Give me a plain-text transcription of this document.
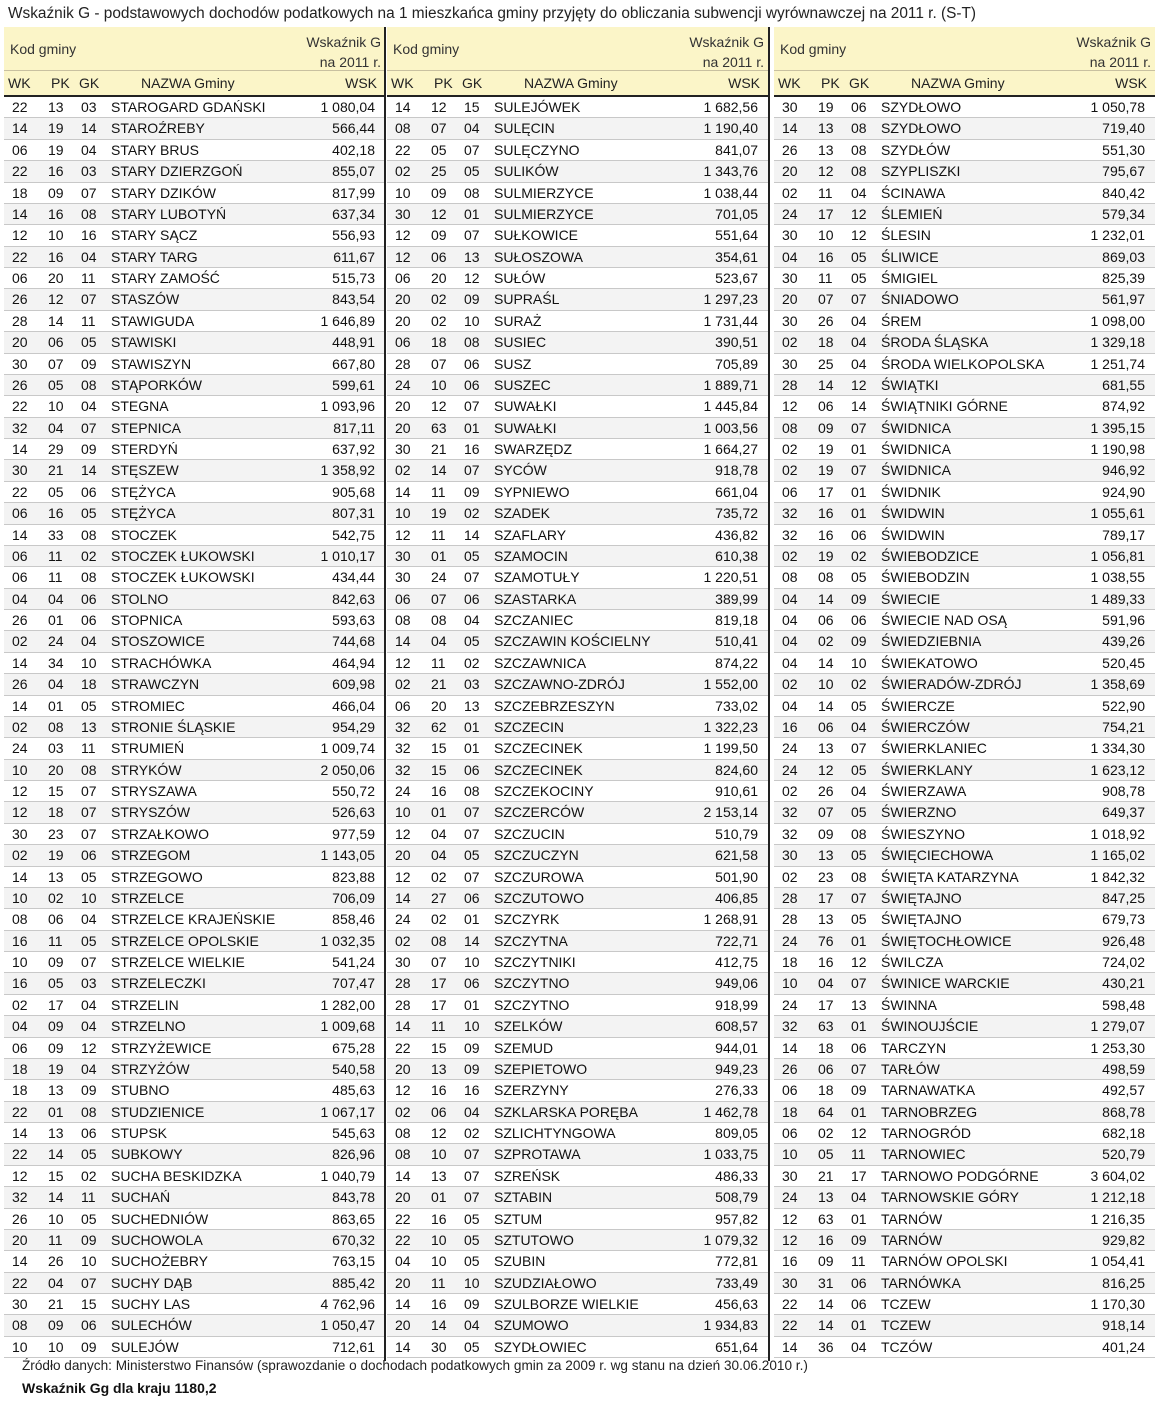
Wskaźnik G - podstawowych dochodów podatkowych na 1 mieszkańca gminy przyjęty do obliczania subwencji wyrównawczej na 2011 r. (S-T)
Kod gminy	Wskaźnik G
na 2011 r.
WK PK GK	NAZWA Gminy	WSK
22 13 03 STAROGARD GDAŃSKI	1 080,04
14 19 14 STAROŹREBY	566,44
06 19 04 STARY BRUS	402,18
22 16 03 STARY DZIERZGOŃ	855,07
18 09 07 STARY DZIKÓW	817,99
14 16 08 STARY LUBOTYŃ	637,34
12 10 16 STARY SĄCZ	556,93
22 16 04 STARY TARG	611,67
06 20 11 STARY ZAMOŚĆ	515,73
26 12 07 STASZÓW	843,54
28 14 11 STAWIGUDA	1 646,89
20 06 05 STAWISKI	448,91
30 07 09 STAWISZYN	667,80
26 05 08 STĄPORKÓW	599,61
22 10 04 STEGNA	1 093,96
32 04 07 STEPNICA	817,11
14 29 09 STERDYŃ	637,92
30 21 14 STĘSZEW	1 358,92
22 05 06 STĘŻYCA	905,68
06 16 05 STĘŻYCA	807,31
14 33 08 STOCZEK	542,75
06 11 02 STOCZEK ŁUKOWSKI	1 010,17
06 11 08 STOCZEK ŁUKOWSKI	434,44
04 04 06 STOLNO	842,63
26 01 06 STOPNICA	593,63
02 24 04 STOSZOWICE	744,68
14 34 10 STRACHÓWKA	464,94
26 04 18 STRAWCZYN	609,98
14 01 05 STROMIEC	466,04
02 08 13 STRONIE ŚLĄSKIE	954,29
24 03 11 STRUMIEŃ	1 009,74
10 20 08 STRYKÓW	2 050,06
12 15 07 STRYSZAWA	550,72
12 18 07 STRYSZÓW	526,63
30 23 07 STRZAŁKOWO	977,59
02 19 06 STRZEGOM	1 143,05
14 13 05 STRZEGOWO	823,88
10 02 10 STRZELCE	706,09
08 06 04 STRZELCE KRAJEŃSKIE	858,46
16 11 05 STRZELCE OPOLSKIE	1 032,35
10 09 07 STRZELCE WIELKIE	541,24
16 05 03 STRZELECZKI	707,47
02 17 04 STRZELIN	1 282,00
04 09 04 STRZELNO	1 009,68
06 09 12 STRZYŻEWICE	675,28
18 19 04 STRZYŻÓW	540,58
18 13 09 STUBNO	485,63
22 01 08 STUDZIENICE	1 067,17
14 13 06 STUPSK	545,63
22 14 05 SUBKOWY	826,96
12 15 02 SUCHA BESKIDZKA	1 040,79
32 14 11 SUCHAŃ	843,78
26 10 05 SUCHEDNIÓW	863,65
20 11 09 SUCHOWOLA	670,32
14 26 10 SUCHOŻEBRY	763,15
22 04 07 SUCHY DĄB	885,42
30 21 15 SUCHY LAS	4 762,96
08 09 06 SULECHÓW	1 050,47
10 10 09 SULEJÓW	712,61
Kod gminy	Wskaźnik G
na 2011 r.
WK PK GK	NAZWA Gminy	WSK
14 12 15 SULEJÓWEK	1 682,56
08 07 04 SULĘCIN	1 190,40
22 05 07 SULĘCZYNO	841,07
02 25 05 SULIKÓW	1 343,76
10 09 08 SULMIERZYCE	1 038,44
30 12 01 SULMIERZYCE	701,05
12 09 07 SUŁKOWICE	551,64
12 06 13 SUŁOSZOWA	354,61
06 20 12 SUŁÓW	523,67
20 02 09 SUPRAŚL	1 297,23
20 02 10 SURAŻ	1 731,44
06 18 08 SUSIEC	390,51
28 07 06 SUSZ	705,89
24 10 06 SUSZEC	1 889,71
20 12 07 SUWAŁKI	1 445,84
20 63 01 SUWAŁKI	1 003,56
30 21 16 SWARZĘDZ	1 664,27
02 14 07 SYCÓW	918,78
14 11 09 SYPNIEWO	661,04
10 19 02 SZADEK	735,72
12 11 14 SZAFLARY	436,82
30 01 05 SZAMOCIN	610,38
30 24 07 SZAMOTUŁY	1 220,51
06 07 06 SZASTARKA	389,99
08 08 04 SZCZANIEC	819,18
14 04 05 SZCZAWIN KOŚCIELNY	510,41
12 11 02 SZCZAWNICA	874,22
02 21 03 SZCZAWNO-ZDRÓJ	1 552,00
06 20 13 SZCZEBRZESZYN	733,02
32 62 01 SZCZECIN	1 322,23
32 15 01 SZCZECINEK	1 199,50
32 15 06 SZCZECINEK	824,60
24 16 08 SZCZEKOCINY	910,61
10 01 07 SZCZERCÓW	2 153,14
12 04 07 SZCZUCIN	510,79
20 04 05 SZCZUCZYN	621,58
12 02 07 SZCZUROWA	501,90
14 27 06 SZCZUTOWO	406,85
24 02 01 SZCZYRK	1 268,91
02 08 14 SZCZYTNA	722,71
30 07 10 SZCZYTNIKI	412,75
28 17 06 SZCZYTNO	949,06
28 17 01 SZCZYTNO	918,99
14 11 10 SZELKÓW	608,57
22 15 09 SZEMUD	944,01
20 13 09 SZEPIETOWO	949,23
12 16 16 SZERZYNY	276,33
02 06 04 SZKLARSKA PORĘBA	1 462,78
08 12 02 SZLICHTYNGOWA	809,05
08 10 07 SZPROTAWA	1 033,75
14 13 07 SZREŃSK	486,33
20 01 07 SZTABIN	508,79
22 16 05 SZTUM	957,82
22 10 05 SZTUTOWO	1 079,32
04 10 05 SZUBIN	772,81
20 11 10 SZUDZIAŁOWO	733,49
14 16 09 SZULBORZE WIELKIE	456,63
20 14 04 SZUMOWO	1 934,83
14 30 05 SZYDŁOWIEC	651,64
Kod gminy	Wskaźnik G
na 2011 r.
WK PK GK	NAZWA Gminy	WSK
30 19 06 SZYDŁOWO	1 050,78
14 13 08 SZYDŁOWO	719,40
26 13 08 SZYDŁÓW	551,30
20 12 08 SZYPLISZKI	795,67
02 11 04 ŚCINAWA	840,42
24 17 12 ŚLEMIEŃ	579,34
30 10 12 ŚLESIN	1 232,01
04 16 05 ŚLIWICE	869,03
30 11 05 ŚMIGIEL	825,39
20 07 07 ŚNIADOWO	561,97
30 26 04 ŚREM	1 098,00
02 18 04 ŚRODA ŚLĄSKA	1 329,18
30 25 04 ŚRODA WIELKOPOLSKA	1 251,74
28 14 12 ŚWIĄTKI	681,55
12 06 14 ŚWIĄTNIKI GÓRNE	874,92
08 09 07 ŚWIDNICA	1 395,15
02 19 01 ŚWIDNICA	1 190,98
02 19 07 ŚWIDNICA	946,92
06 17 01 ŚWIDNIK	924,90
32 16 01 ŚWIDWIN	1 055,61
32 16 06 ŚWIDWIN	789,17
02 19 02 ŚWIEBODZICE	1 056,81
08 08 05 ŚWIEBODZIN	1 038,55
04 14 09 ŚWIECIE	1 489,33
04 06 06 ŚWIECIE NAD OSĄ	591,96
04 02 09 ŚWIEDZIEBNIA	439,26
04 14 10 ŚWIEKATOWO	520,45
02 10 02 ŚWIERADÓW-ZDRÓJ	1 358,69
04 14 05 ŚWIERCZE	522,90
16 06 04 ŚWIERCZÓW	754,21
24 13 07 ŚWIERKLANIEC	1 334,30
24 12 05 ŚWIERKLANY	1 623,12
02 26 04 ŚWIERZAWA	908,78
32 07 05 ŚWIERZNO	649,37
32 09 08 ŚWIESZYNO	1 018,92
30 13 05 ŚWIĘCIECHOWA	1 165,02
02 23 08 ŚWIĘTA KATARZYNA	1 842,32
28 17 07 ŚWIĘTAJNO	847,25
28 13 05 ŚWIĘTAJNO	679,73
24 76 01 ŚWIĘTOCHŁOWICE	926,48
18 16 12 ŚWILCZA	724,02
10 04 07 ŚWINICE WARCKIE	430,21
24 17 13 ŚWINNA	598,48
32 63 01 ŚWINOUJŚCIE	1 279,07
14 18 06 TARCZYN	1 253,30
26 06 07 TARŁÓW	498,59
06 18 09 TARNAWATKA	492,57
18 64 01 TARNOBRZEG	868,78
06 02 12 TARNOGRÓD	682,18
10 05 11 TARNOWIEC	520,79
30 21 17 TARNOWO PODGÓRNE	3 604,02
24 13 04 TARNOWSKIE GÓRY	1 212,18
12 63 01 TARNÓW	1 216,35
12 16 09 TARNÓW	929,82
16 09 11 TARNÓW OPOLSKI	1 054,41
30 31 06 TARNÓWKA	816,25
22 14 06 TCZEW	1 170,30
22 14 01 TCZEW	918,14
14 36 04 TCZÓW	401,24
Źródło danych: Ministerstwo Finansów (sprawozdanie o dochodach podatkowych gmin za 2009 r. wg stanu na dzień 30.06.2010 r.)
Wskaźnik Gg dla kraju 1180,2
